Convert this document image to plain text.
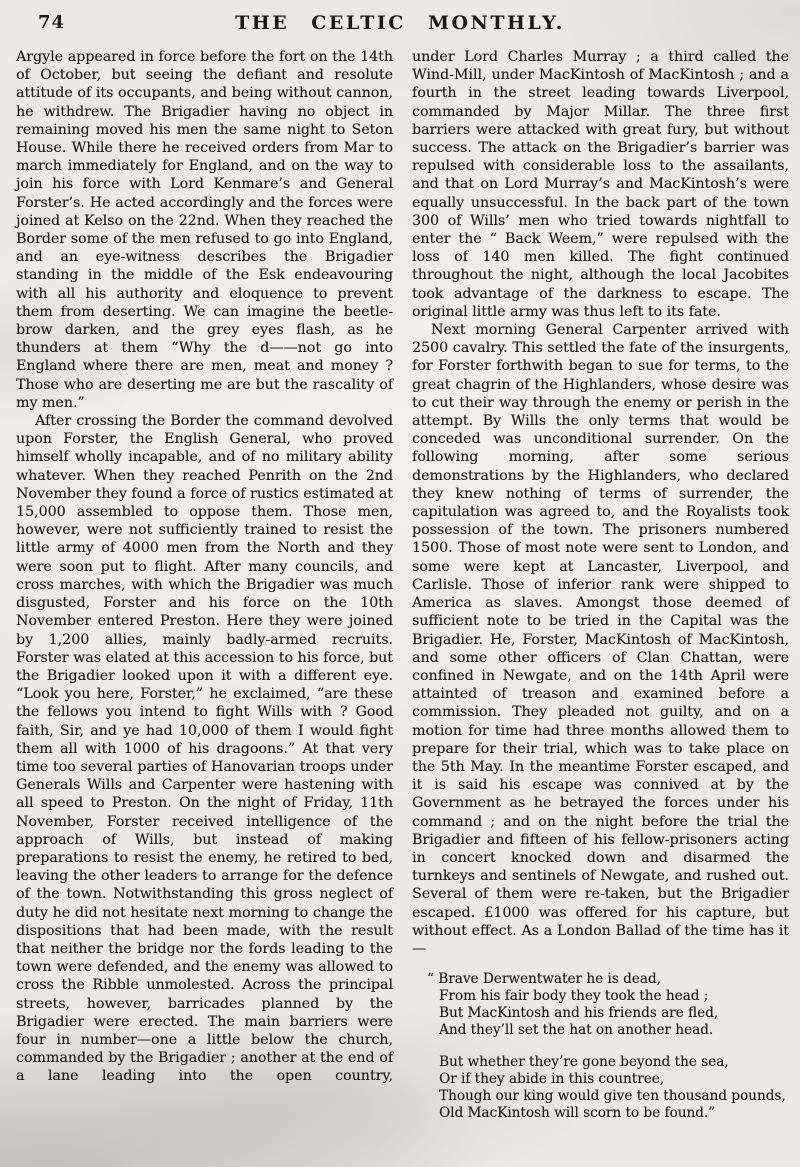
74	THE CELTIC MONTHLY.

Argyle appeared in force before the fort on the 14th of October, but seeing the defiant and resolute attitude of its occupants, and being without cannon, he withdrew. The Brigadier having no object in remaining moved his men the same night to Seton House. While there he received orders from Mar to march immediately for England, and on the way to join his force with Lord Kenmare’s and General Forster’s. He acted accordingly and the forces were joined at Kelso on the 22nd. When they reached the Border some of the men refused to go into England, and an eye-witness describes the Brigadier standing in the middle of the Esk endeavouring with all his authority and eloquence to prevent them from deserting. We can imagine the beetle-brow darken, and the grey eyes flash, as he thunders at them “Why the d——not go into England where there are men, meat and money ? Those who are deserting me are but the rascality of my men.”

After crossing the Border the command devolved upon Forster, the English General, who proved himself wholly incapable, and of no military ability whatever. When they reached Penrith on the 2nd November they found a force of rustics estimated at 15,000 assembled to oppose them. Those men, however, were not sufficiently trained to resist the little army of 4000 men from the North and they were soon put to flight. After many councils, and cross marches, with which the Brigadier was much disgusted, Forster and his force on the 10th November entered Preston. Here they were joined by 1,200 allies, mainly badly-armed recruits. Forster was elated at this accession to his force, but the Brigadier looked upon it with a different eye. “Look you here, Forster,” he exclaimed, “are these the fellows you intend to fight Wills with ? Good faith, Sir, and ye had 10,000 of them I would fight them all with 1000 of his dragoons.” At that very time too several parties of Hanovarian troops under Generals Wills and Carpenter were hastening with all speed to Preston. On the night of Friday, 11th November, Forster received intelligence of the approach of Wills, but instead of making preparations to resist the enemy, he retired to bed, leaving the other leaders to arrange for the defence of the town. Notwithstanding this gross neglect of duty he did not hesitate next morning to change the dispositions that had been made, with the result that neither the bridge nor the fords leading to the town were defended, and the enemy was allowed to cross the Ribble unmolested. Across the principal streets, however, barricades planned by the Brigadier were erected. The main barriers were four in number—one a little below the church, commanded by the Brigadier ; another at the end of a lane leading into the open country,

under Lord Charles Murray ; a third called the Wind-Mill, under MacKintosh of MacKintosh ; and a fourth in the street leading towards Liverpool, commanded by Major Millar. The three first barriers were attacked with great fury, but without success. The attack on the Brigadier’s barrier was repulsed with considerable loss to the assailants, and that on Lord Murray’s and MacKintosh’s were equally unsuccessful. In the back part of the town 300 of Wills’ men who tried towards nightfall to enter the “ Back Weem,” were repulsed with the loss of 140 men killed. The fight continued throughout the night, although the local Jacobites took advantage of the darkness to escape. The original little army was thus left to its fate.

Next morning General Carpenter arrived with 2500 cavalry. This settled the fate of the insurgents, for Forster forthwith began to sue for terms, to the great chagrin of the Highlanders, whose desire was to cut their way through the enemy or perish in the attempt. By Wills the only terms that would be conceded was unconditional surrender. On the following morning, after some serious demonstrations by the Highlanders, who declared they knew nothing of terms of surrender, the capitulation was agreed to, and the Royalists took possession of the town. The prisoners numbered 1500. Those of most note were sent to London, and some were kept at Lancaster, Liverpool, and Carlisle. Those of inferior rank were shipped to America as slaves. Amongst those deemed of sufficient note to be tried in the Capital was the Brigadier. He, Forster, MacKintosh of MacKintosh, and some other officers of Clan Chattan, were confined in Newgate, and on the 14th April were attainted of treason and examined before a commission. They pleaded not guilty, and on a motion for time had three months allowed them to prepare for their trial, which was to take place on the 5th May. In the meantime Forster escaped, and it is said his escape was connived at by the Government as he betrayed the forces under his command ; and on the night before the trial the Brigadier and fifteen of his fellow-prisoners acting in concert knocked down and disarmed the turnkeys and sentinels of Newgate, and rushed out. Several of them were re-taken, but the Brigadier escaped. £1000 was offered for his capture, but without effect. As a London Ballad of the time has it—

“ Brave Derwentwater he is dead,
From his fair body they took the head ;
But MacKintosh and his friends are fled,
And they’ll set the hat on another head.
But whether they’re gone beyond the sea,
Or if they abide in this countree,
Though our king would give ten thousand pounds,
Old MacKintosh will scorn to be found.”
